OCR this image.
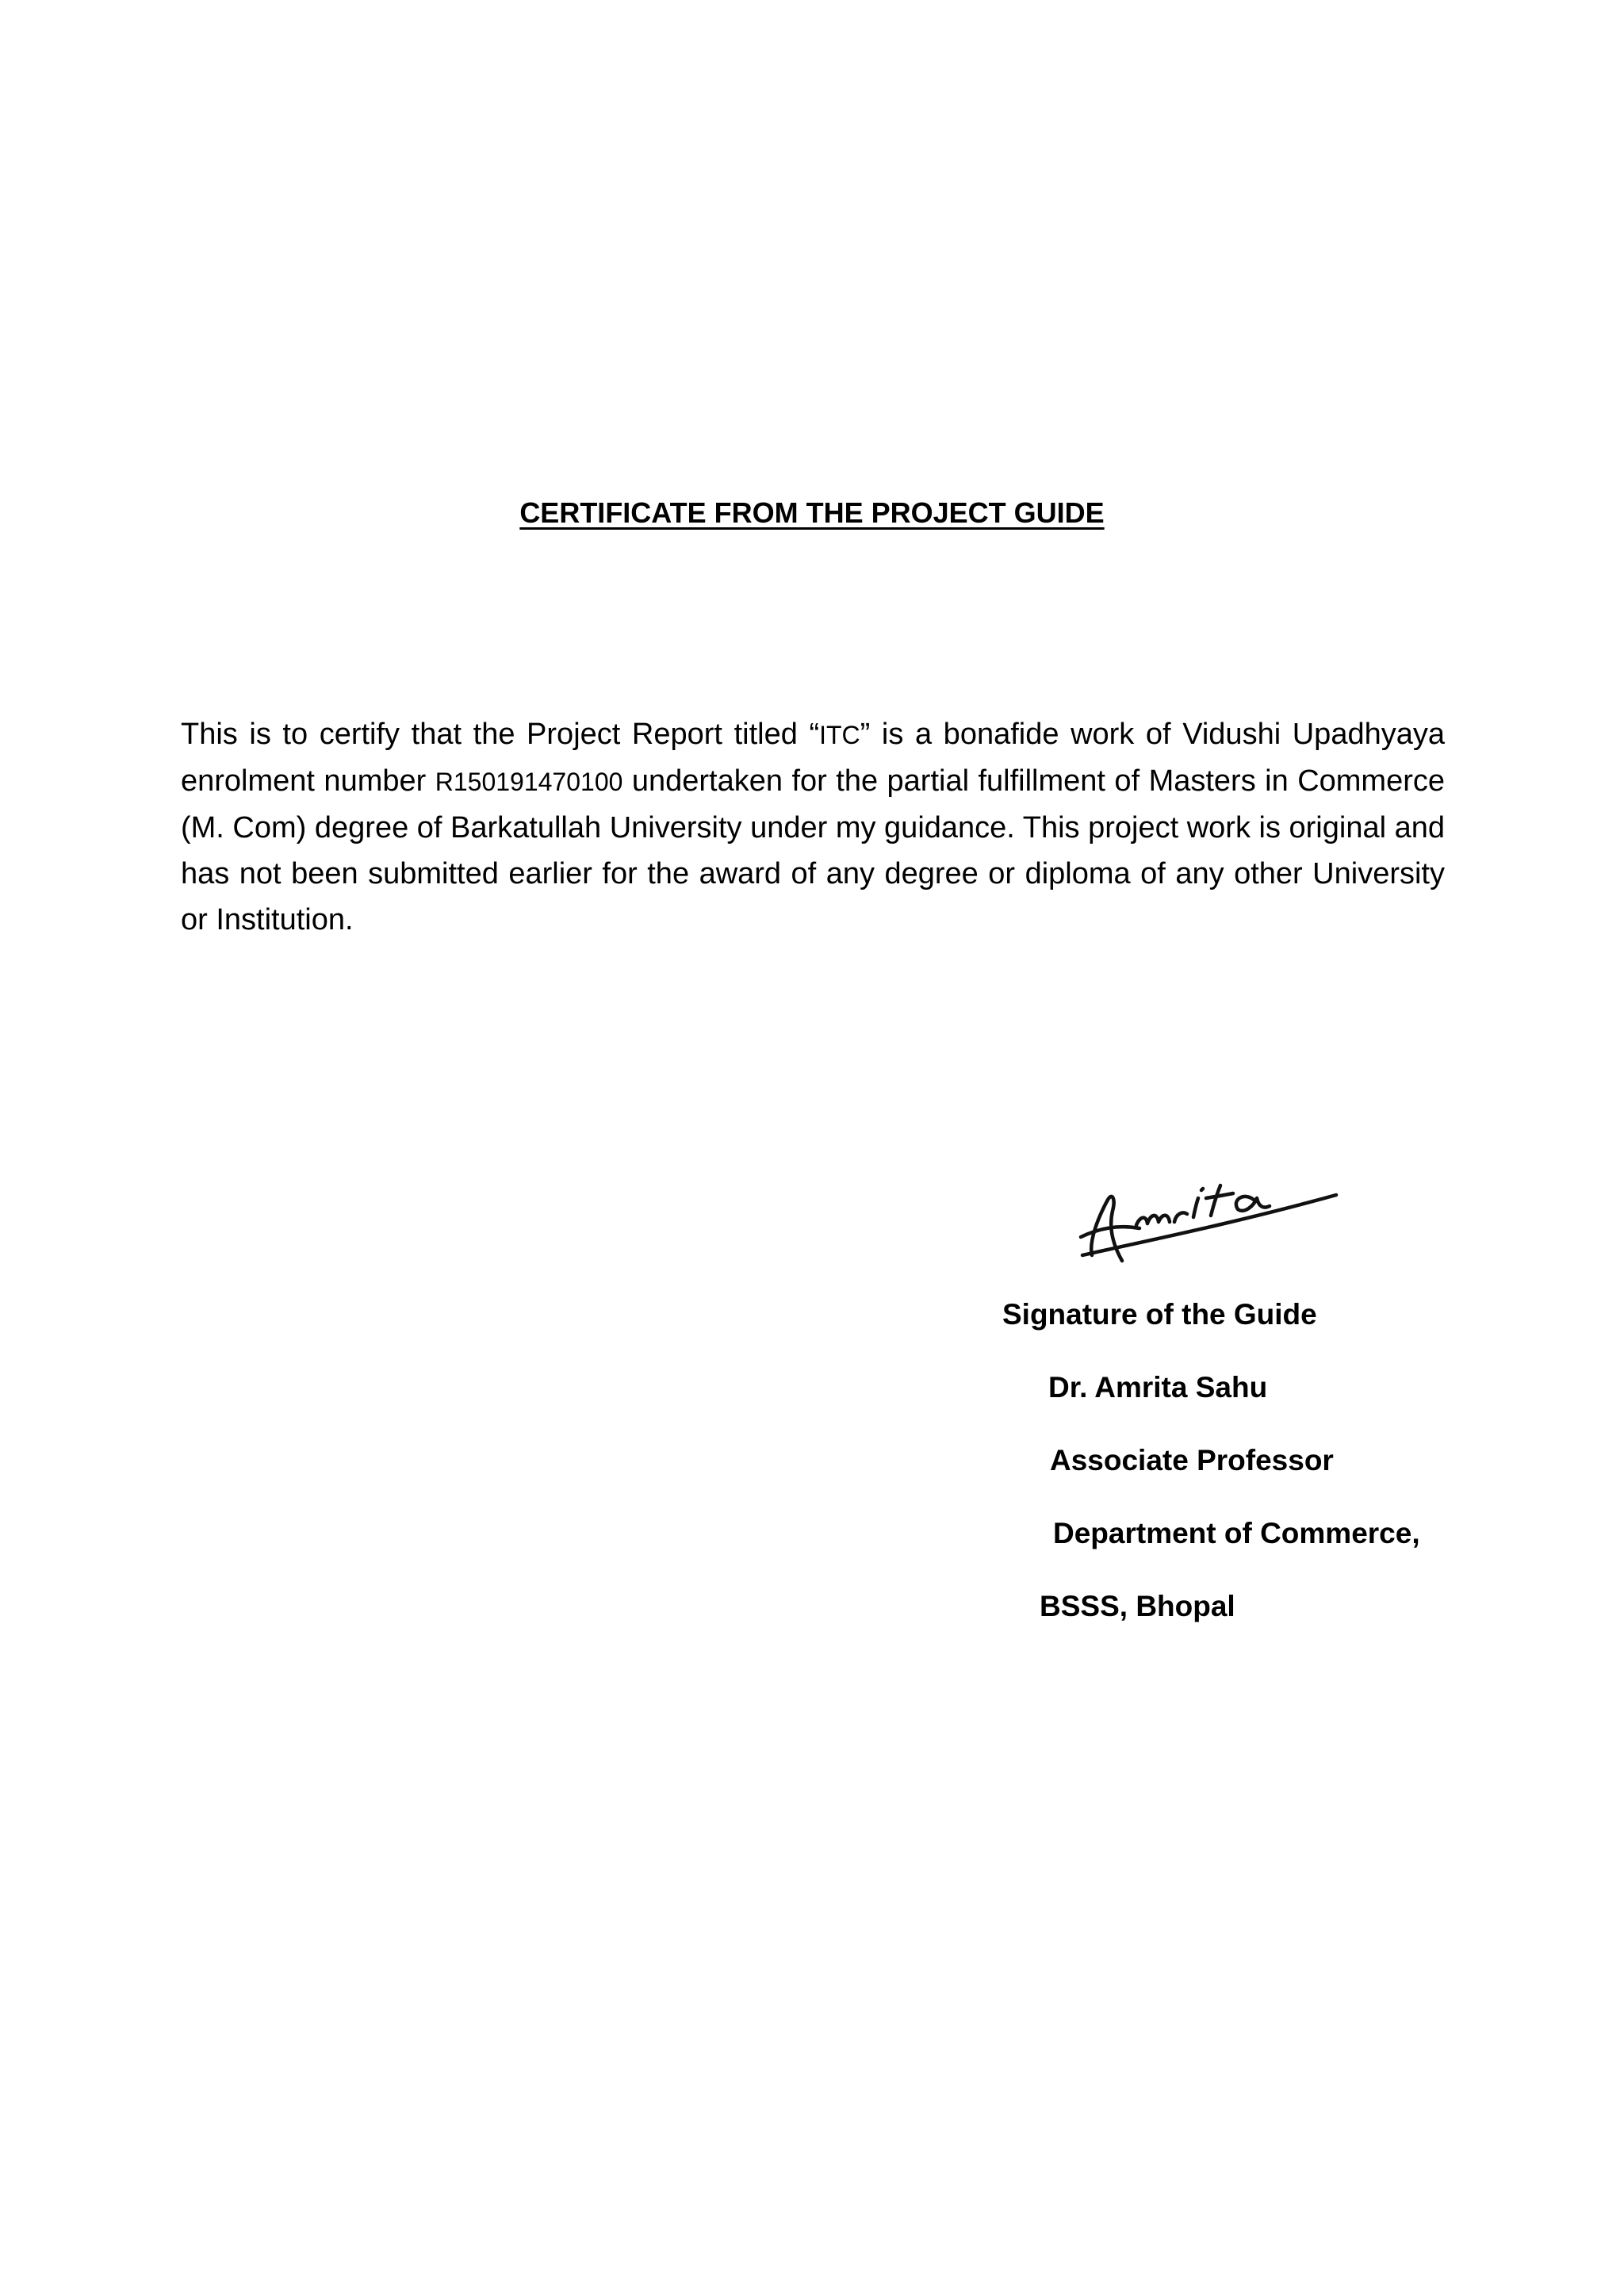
CERTIFICATE FROM THE PROJECT GUIDE
This is to certify that the Project Report titled “ITC” is a bonafide work of Vidushi Upadhyaya enrolment number R150191470100 undertaken for the partial fulfillment of Masters in Commerce (M. Com) degree of Barkatullah University under my guidance. This project work is original and has not been submitted earlier for the award of any degree or diploma of any other University or Institution.
Signature of the Guide
Dr. Amrita Sahu
Associate Professor
Department of Commerce,
BSSS, Bhopal
